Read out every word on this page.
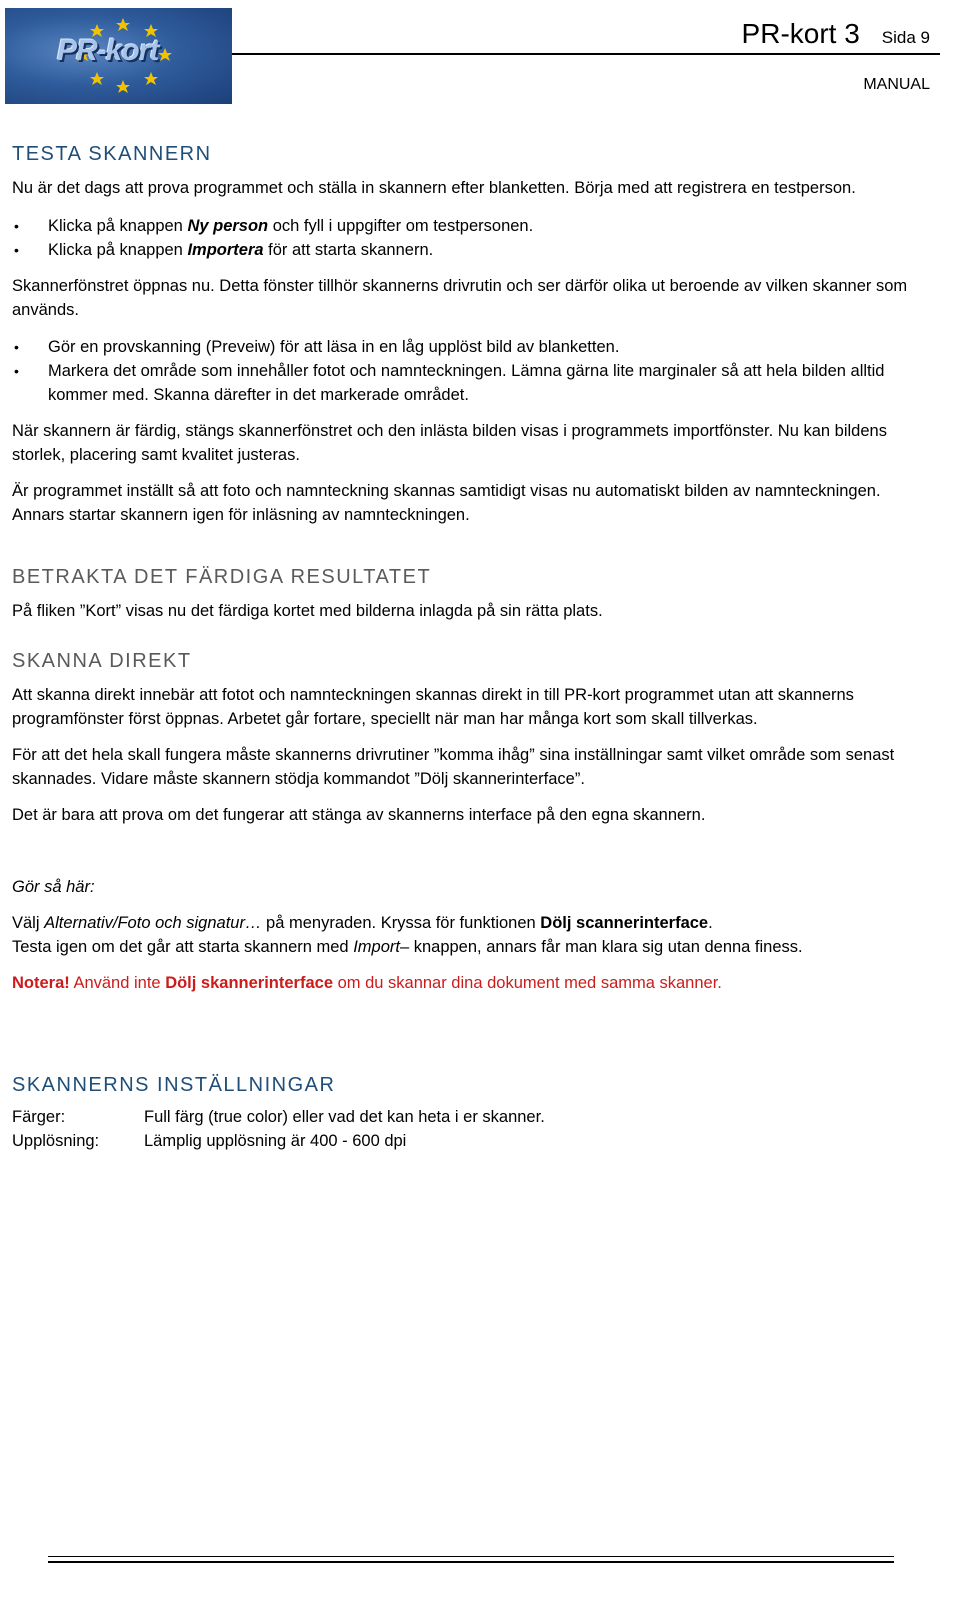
PR-kort
PR-kort 3 Sida 9
MANUAL
TESTA SKANNERN

Nu är det dags att prova programmet och ställa in skannern efter blanketten. Börja med att registrera en testperson.

• Klicka på knappen Ny person och fyll i uppgifter om testpersonen.
• Klicka på knappen Importera för att starta skannern.

Skannerfönstret öppnas nu. Detta fönster tillhör skannerns drivrutin och ser därför olika ut beroende av vilken skanner som används.

• Gör en provskanning (Preveiw) för att läsa in en låg upplöst bild av blanketten.
• Markera det område som innehåller fotot och namnteckningen. Lämna gärna lite marginaler så att hela bilden alltid kommer med. Skanna därefter in det markerade området.

När skannern är färdig, stängs skannerfönstret och den inlästa bilden visas i programmets importfönster. Nu kan bildens storlek, placering samt kvalitet justeras.

Är programmet inställt så att foto och namnteckning skannas samtidigt visas nu automatiskt bilden av namnteckningen. Annars startar skannern igen för inläsning av namnteckningen.

BETRAKTA DET FÄRDIGA RESULTATET

På fliken ”Kort” visas nu det färdiga kortet med bilderna inlagda på sin rätta plats.

SKANNA DIREKT

Att skanna direkt innebär att fotot och namnteckningen skannas direkt in till PR-kort programmet utan att skannerns programfönster först öppnas. Arbetet går fortare, speciellt när man har många kort som skall tillverkas.

För att det hela skall fungera måste skannerns drivrutiner ”komma ihåg” sina inställningar samt vilket område som senast skannades. Vidare måste skannern stödja kommandot ”Dölj skannerinterface”.

Det är bara att prova om det fungerar att stänga av skannerns interface på den egna skannern.

Gör så här:

Välj Alternativ/Foto och signatur… på menyraden. Kryssa för funktionen Dölj scannerinterface.

Testa igen om det går att starta skannern med Import– knappen, annars får man klara sig utan denna finess.

Notera! Använd inte Dölj skannerinterface om du skannar dina dokument med samma skanner.

SKANNERNS INSTÄLLNINGAR
Färger:	Full färg (true color) eller vad det kan heta i er skanner.
Upplösning:	Lämplig upplösning är 400 - 600 dpi
